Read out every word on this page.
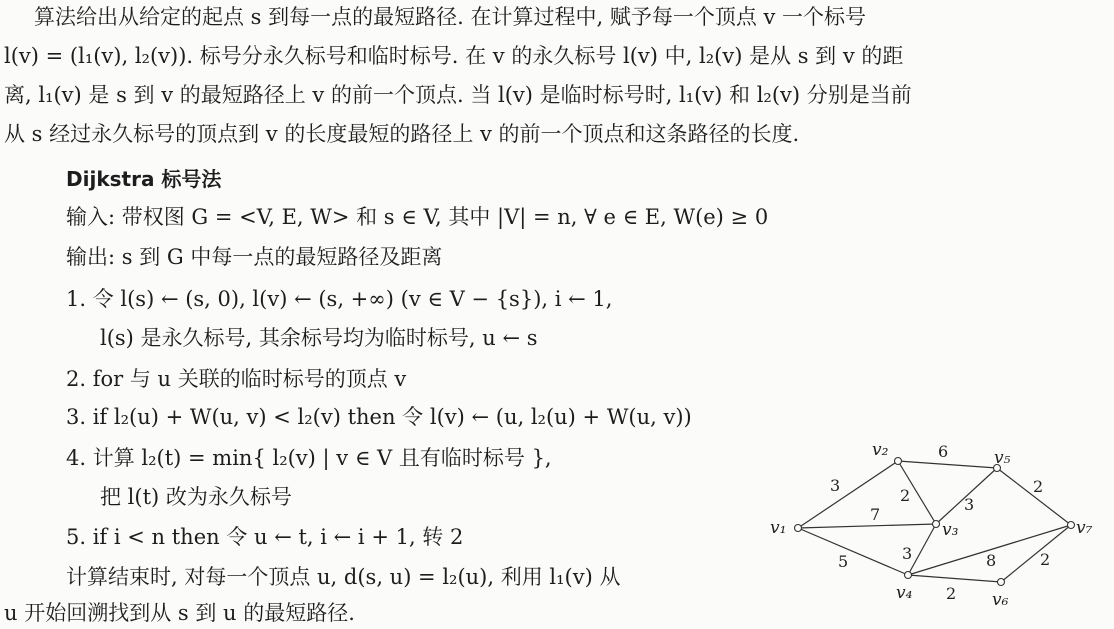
算法给出从给定的起点 s 到每一点的最短路径. 在计算过程中, 赋予每一个顶点 v 一个标号
l(v) = (l₁(v), l₂(v)). 标号分永久标号和临时标号. 在 v 的永久标号 l(v) 中, l₂(v) 是从 s 到 v 的距
离, l₁(v) 是 s 到 v 的最短路径上 v 的前一个顶点. 当 l(v) 是临时标号时, l₁(v) 和 l₂(v) 分别是当前
从 s 经过永久标号的顶点到 v 的长度最短的路径上 v 的前一个顶点和这条路径的长度.
Dijkstra 标号法
输入: 带权图 G = <V, E, W> 和 s ∈ V, 其中 |V| = n, ∀ e ∈ E, W(e) ≥ 0
输出: s 到 G 中每一点的最短路径及距离
1. 令 l(s) ← (s, 0), l(v) ← (s, +∞) (v ∈ V − {s}), i ← 1,
l(s) 是永久标号, 其余标号均为临时标号, u ← s
2. for 与 u 关联的临时标号的顶点 v
3. if l₂(u) + W(u, v) < l₂(v) then 令 l(v) ← (u, l₂(u) + W(u, v))
4. 计算 l₂(t) = min{ l₂(v) | v ∈ V 且有临时标号 },
把 l(t) 改为永久标号
5. if i < n then 令 u ← t, i ← i + 1, 转 2
计算结束时, 对每一个顶点 u, d(s, u) = l₂(u), 利用 l₁(v) 从
u 开始回溯找到从 s 到 u 的最短路径.
v₁
v₂
v₃
v₄
v₅
v₆
v₇
3
7
5
2
6
3
3
2
8
2
2
